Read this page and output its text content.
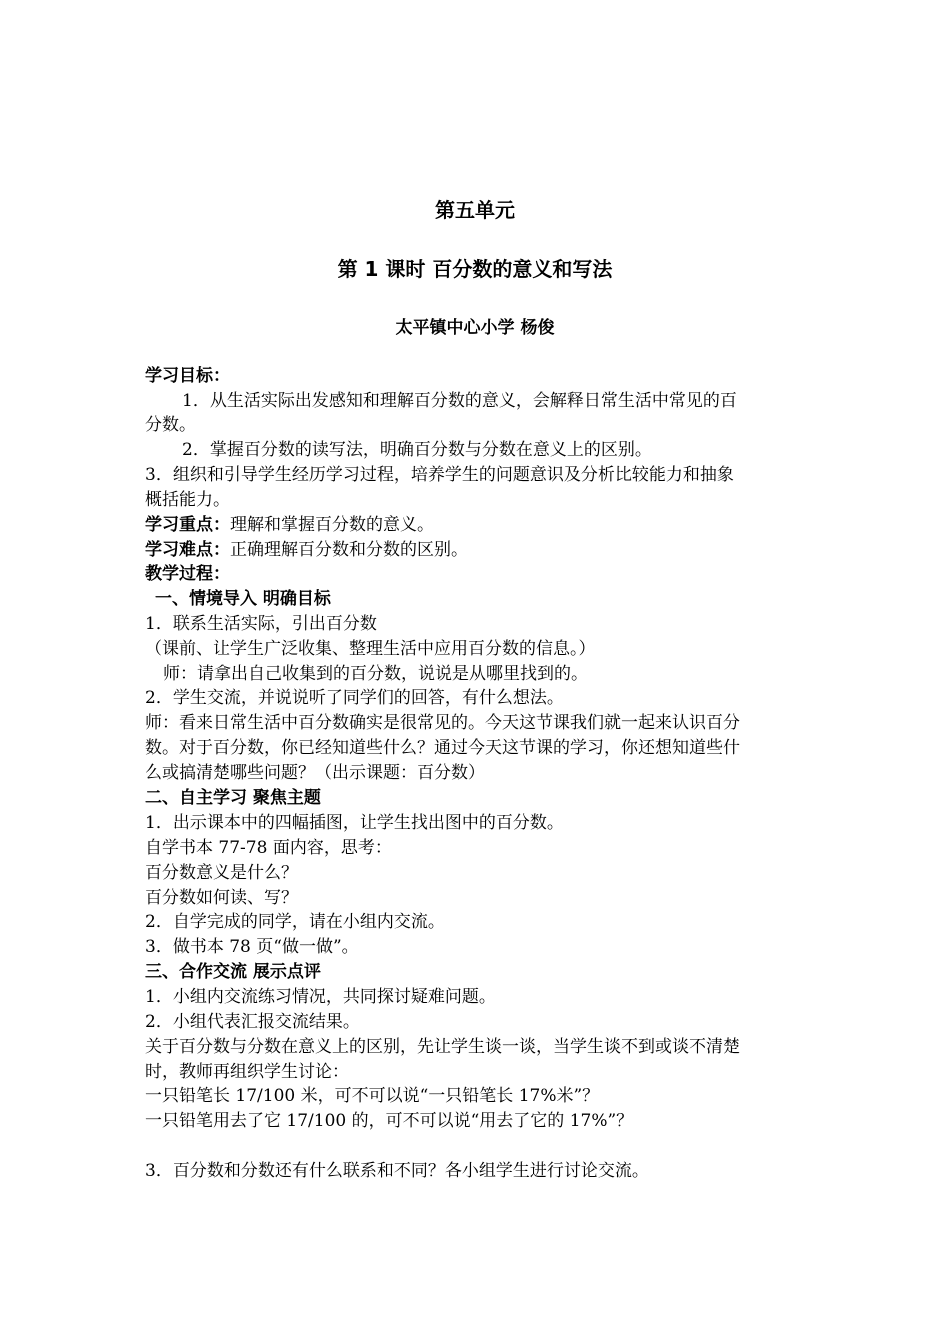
第五单元
第 1 课时 百分数的意义和写法
太平镇中心小学 杨俊
学习目标：
1．从生活实际出发感知和理解百分数的意义，会解释日常生活中常见的百
分数。
2．掌握百分数的读写法，明确百分数与分数在意义上的区别。
3．组织和引导学生经历学习过程，培养学生的问题意识及分析比较能力和抽象
概括能力。
学习重点：理解和掌握百分数的意义。
学习难点：正确理解百分数和分数的区别。
教学过程：
一、情境导入 明确目标
1．联系生活实际，引出百分数
（课前、让学生广泛收集、整理生活中应用百分数的信息。）
师：请拿出自己收集到的百分数，说说是从哪里找到的。
2．学生交流，并说说听了同学们的回答，有什么想法。
师：看来日常生活中百分数确实是很常见的。今天这节课我们就一起来认识百分
数。对于百分数，你已经知道些什么？通过今天这节课的学习，你还想知道些什
么或搞清楚哪些问题？（出示课题：百分数）
二、自主学习 聚焦主题
1．出示课本中的四幅插图，让学生找出图中的百分数。
自学书本 77-78 面内容，思考：
百分数意义是什么？
百分数如何读、写？
2．自学完成的同学，请在小组内交流。
3．做书本 78 页“做一做”。
三、合作交流 展示点评
1．小组内交流练习情况，共同探讨疑难问题。
2．小组代表汇报交流结果。
关于百分数与分数在意义上的区别，先让学生谈一谈，当学生谈不到或谈不清楚
时，教师再组织学生讨论：
一只铅笔长 17/100 米，可不可以说“一只铅笔长 17%米”？
一只铅笔用去了它 17/100 的，可不可以说“用去了它的 17%”？
3．百分数和分数还有什么联系和不同？各小组学生进行讨论交流。
